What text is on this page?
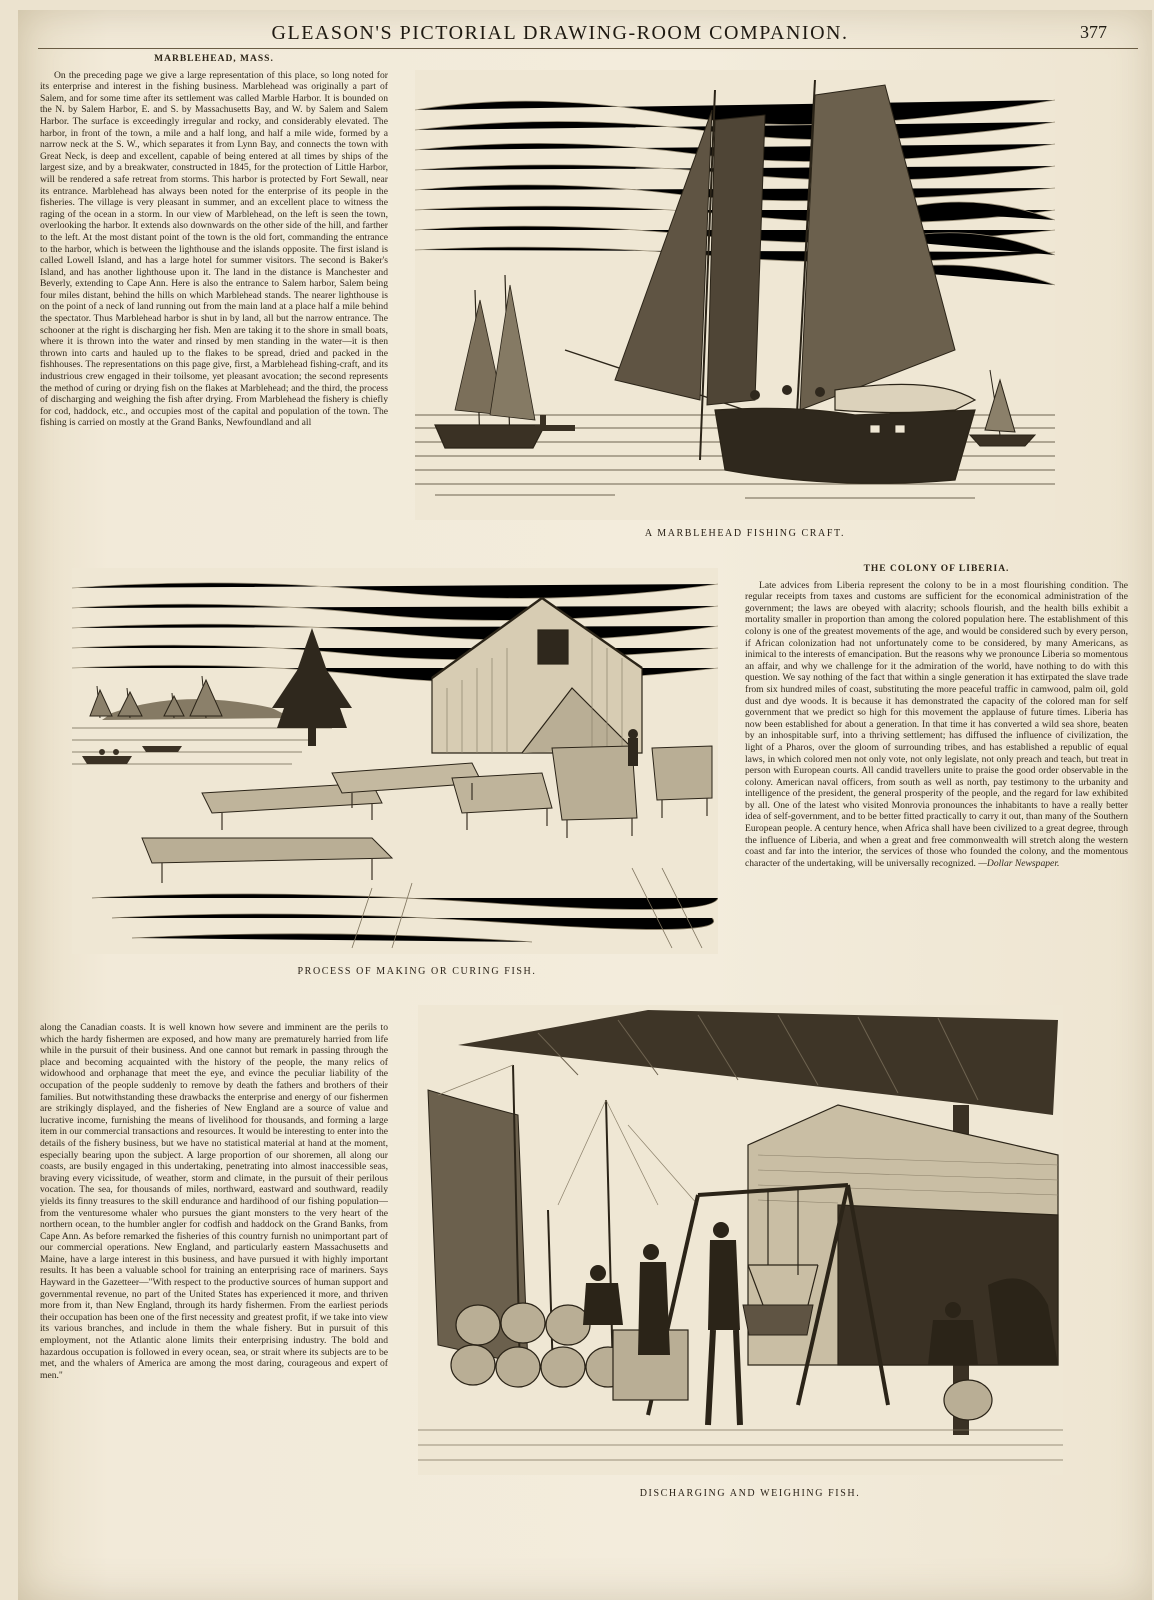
GLEASON'S PICTORIAL DRAWING-ROOM COMPANION.	377
MARBLEHEAD, MASS.

On the preceding page we give a large representation of this place, so long noted for its enterprise and interest in the fishing business. Marblehead was originally a part of Salem, and for some time after its settlement was called Marble Harbor. It is bounded on the N. by Salem Harbor, E. and S. by Massachusetts Bay, and W. by Salem and Salem Harbor. The surface is exceedingly irregular and rocky, and considerably elevated. The harbor, in front of the town, a mile and a half long, and half a mile wide, formed by a narrow neck at the S. W., which separates it from Lynn Bay, and connects the town with Great Neck, is deep and excellent, capable of being entered at all times by ships of the largest size, and by a breakwater, constructed in 1845, for the protection of Little Harbor, will be rendered a safe retreat from storms. This harbor is protected by Fort Sewall, near its entrance. Marblehead has always been noted for the enterprise of its people in the fisheries. The village is very pleasant in summer, and an excellent place to witness the raging of the ocean in a storm. In our view of Marblehead, on the left is seen the town, overlooking the harbor. It extends also downwards on the other side of the hill, and farther to the left. At the most distant point of the town is the old fort, commanding the entrance to the harbor, which is between the lighthouse and the islands opposite. The first island is called Lowell Island, and has a large hotel for summer visitors. The second is Baker's Island, and has another lighthouse upon it. The land in the distance is Manchester and Beverly, extending to Cape Ann. Here is also the entrance to Salem harbor, Salem being four miles distant, behind the hills on which Marblehead stands. The nearer lighthouse is on the point of a neck of land running out from the main land at a place half a mile behind the spectator. Thus Marblehead harbor is shut in by land, all but the narrow entrance. The schooner at the right is discharging her fish. Men are taking it to the shore in small boats, where it is thrown into the water and rinsed by men standing in the water—it is then thrown into carts and hauled up to the flakes to be spread, dried and packed in the fishhouses. The representations on this page give, first, a Marblehead fishing-craft, and its industrious crew engaged in their toilsome, yet pleasant avocation; the second represents the method of curing or drying fish on the flakes at Marblehead; and the third, the process of discharging and weighing the fish after drying. From Marblehead the fishery is chiefly for cod, haddock, etc., and occupies most of the capital and population of the town. The fishing is carried on mostly at the Grand Banks, Newfoundland and all

A MARBLEHEAD FISHING CRAFT.
PROCESS OF MAKING OR CURING FISH.
THE COLONY OF LIBERIA.

Late advices from Liberia represent the colony to be in a most flourishing condition. The regular receipts from taxes and customs are sufficient for the economical administration of the government; the laws are obeyed with alacrity; schools flourish, and the health bills exhibit a mortality smaller in proportion than among the colored population here. The establishment of this colony is one of the greatest movements of the age, and would be considered such by every person, if African colonization had not unfortunately come to be considered, by many Americans, as inimical to the interests of emancipation. But the reasons why we pronounce Liberia so momentous an affair, and why we challenge for it the admiration of the world, have nothing to do with this question. We say nothing of the fact that within a single generation it has extirpated the slave trade from six hundred miles of coast, substituting the more peaceful traffic in camwood, palm oil, gold dust and dye woods. It is because it has demonstrated the capacity of the colored man for self government that we predict so high for this movement the applause of future times. Liberia has now been established for about a generation. In that time it has converted a wild sea shore, beaten by an inhospitable surf, into a thriving settlement; has diffused the influence of civilization, the light of a Pharos, over the gloom of surrounding tribes, and has established a republic of equal laws, in which colored men not only vote, not only legislate, not only preach and teach, but treat in person with European courts. All candid travellers unite to praise the good order observable in the colony. American naval officers, from south as well as north, pay testimony to the urbanity and intelligence of the president, the general prosperity of the people, and the regard for law exhibited by all. One of the latest who visited Monrovia pronounces the inhabitants to have a really better idea of self-government, and to be better fitted practically to carry it out, than many of the Southern European people. A century hence, when Africa shall have been civilized to a great degree, through the influence of Liberia, and when a great and free commonwealth will stretch along the western coast and far into the interior, the services of those who founded the colony, and the momentous character of the undertaking, will be universally recognized. —Dollar Newspaper.

along the Canadian coasts. It is well known how severe and imminent are the perils to which the hardy fishermen are exposed, and how many are prematurely harried from life while in the pursuit of their business. And one cannot but remark in passing through the place and becoming acquainted with the history of the people, the many relics of widowhood and orphanage that meet the eye, and evince the peculiar liability of the occupation of the people suddenly to remove by death the fathers and brothers of their families. But notwithstanding these drawbacks the enterprise and energy of our fishermen are strikingly displayed, and the fisheries of New England are a source of value and lucrative income, furnishing the means of livelihood for thousands, and forming a large item in our commercial transactions and resources. It would be interesting to enter into the details of the fishery business, but we have no statistical material at hand at the moment, especially bearing upon the subject. A large proportion of our shoremen, all along our coasts, are busily engaged in this undertaking, penetrating into almost inaccessible seas, braving every vicissitude, of weather, storm and climate, in the pursuit of their perilous vocation. The sea, for thousands of miles, northward, eastward and southward, readily yields its finny treasures to the skill endurance and hardihood of our fishing population—from the venturesome whaler who pursues the giant monsters to the very heart of the northern ocean, to the humbler angler for codfish and haddock on the Grand Banks, from Cape Ann. As before remarked the fisheries of this country furnish no unimportant part of our commercial operations. New England, and particularly eastern Massachusetts and Maine, have a large interest in this business, and have pursued it with highly important results. It has been a valuable school for training an enterprising race of mariners. Says Hayward in the Gazetteer—"With respect to the productive sources of human support and governmental revenue, no part of the United States has experienced it more, and thriven more from it, than New England, through its hardy fishermen. From the earliest periods their occupation has been one of the first necessity and greatest profit, if we take into view its various branches, and include in them the whale fishery. But in pursuit of this employment, not the Atlantic alone limits their enterprising industry. The bold and hazardous occupation is followed in every ocean, sea, or strait where its subjects are to be met, and the whalers of America are among the most daring, courageous and expert of men."

DISCHARGING AND WEIGHING FISH.
